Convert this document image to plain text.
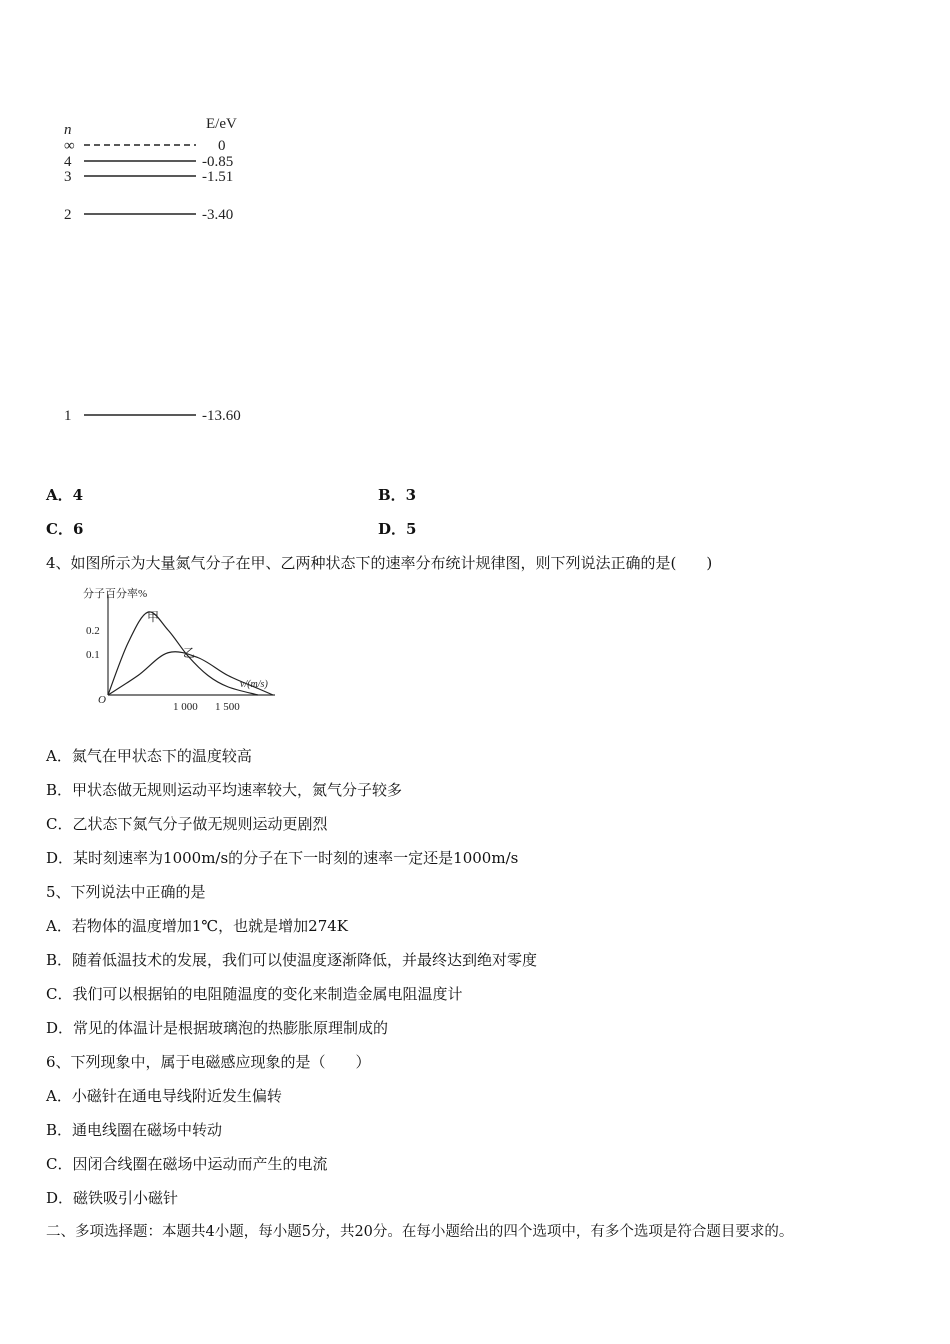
n	E/eV
∞	0
4	-0.85
3	-1.51
2	-3.40
1	-13.60
A．4	B．3
C．6	D．5
4、如图所示为大量氮气分子在甲、乙两种状态下的速率分布统计规律图，则下列说法正确的是(　　)
分子百分率%
v/(m/s)
O
0.2
0.1
1 000 1 500
甲
乙
A．氮气在甲状态下的温度较高
B．甲状态做无规则运动平均速率较大，氮气分子较多
C．乙状态下氮气分子做无规则运动更剧烈
D．某时刻速率为1000m/s的分子在下一时刻的速率一定还是1000m/s
5、下列说法中正确的是
A．若物体的温度增加1℃，也就是增加274K
B．随着低温技术的发展，我们可以使温度逐渐降低，并最终达到绝对零度
C．我们可以根据铂的电阻随温度的变化来制造金属电阻温度计
D．常见的体温计是根据玻璃泡的热膨胀原理制成的
6、下列现象中，属于电磁感应现象的是（　　）
A．小磁针在通电导线附近发生偏转
B．通电线圈在磁场中转动
C．因闭合线圈在磁场中运动而产生的电流
D．磁铁吸引小磁针
二、多项选择题：本题共4小题，每小题5分，共20分。在每小题给出的四个选项中，有多个选项是符合题目要求的。
